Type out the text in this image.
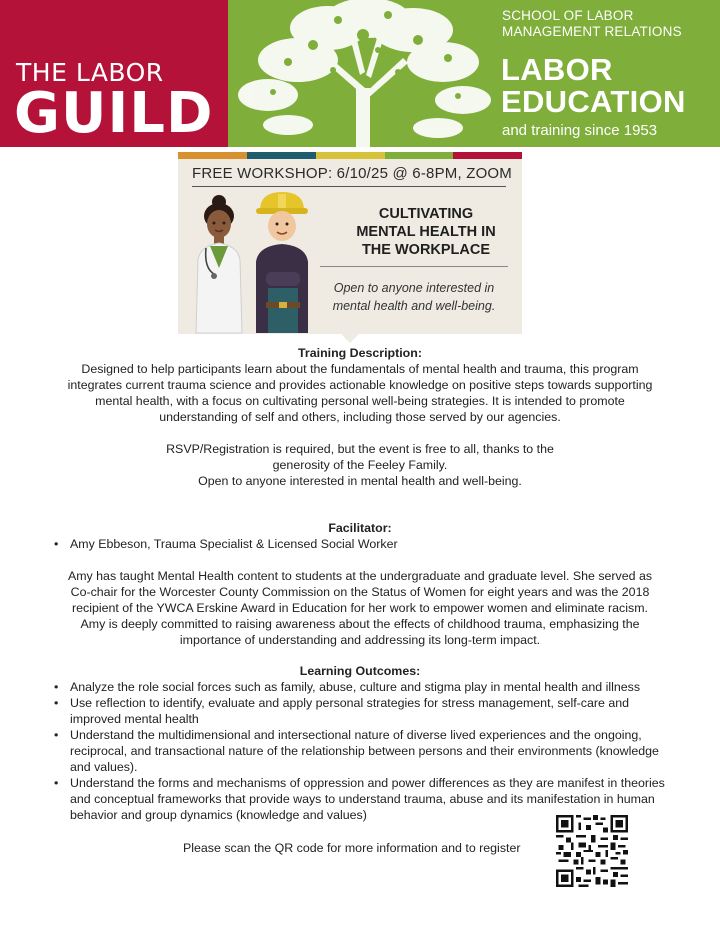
THE LABOR
GUILD
SCHOOL OF LABOR
MANAGEMENT RELATIONS
LABOR
EDUCATION
and training since 1953
FREE WORKSHOP: 6/10/25 @ 6-8PM, ZOOM
CULTIVATING
MENTAL HEALTH IN
THE WORKPLACE
Open to anyone interested in
mental health and well-being.
Training Description:
Designed to help participants learn about the fundamentals of mental health and trauma, this program
integrates current trauma science and provides actionable knowledge on positive steps towards supporting
mental health, with a focus on cultivating personal well-being strategies. It is intended to promote
understanding of self and others, including those served by our agencies.
RSVP/Registration is required, but the event is free to all, thanks to the
generosity of the Feeley Family.
Open to anyone interested in mental health and well-being.
Facilitator:
• Amy Ebbeson, Trauma Specialist & Licensed Social Worker
Amy has taught Mental Health content to students at the undergraduate and graduate level. She served as
Co-chair for the Worcester County Commission on the Status of Women for eight years and was the 2018
recipient of the YWCA Erskine Award in Education for her work to empower women and eliminate racism.
Amy is deeply committed to raising awareness about the effects of childhood trauma, emphasizing the
importance of understanding and addressing its long-term impact.
Learning Outcomes:
• Analyze the role social forces such as family, abuse, culture and stigma play in mental health and illness
• Use reflection to identify, evaluate and apply personal strategies for stress management, self-care and improved mental health
• Understand the multidimensional and intersectional nature of diverse lived experiences and the ongoing, reciprocal, and transactional nature of the relationship between persons and their environments (knowledge and values).
• Understand the forms and mechanisms of oppression and power differences as they are manifest in theories and conceptual frameworks that provide ways to understand trauma, abuse and its manifestation in human behavior and group dynamics (knowledge and values)
Please scan the QR code for more information and to register
